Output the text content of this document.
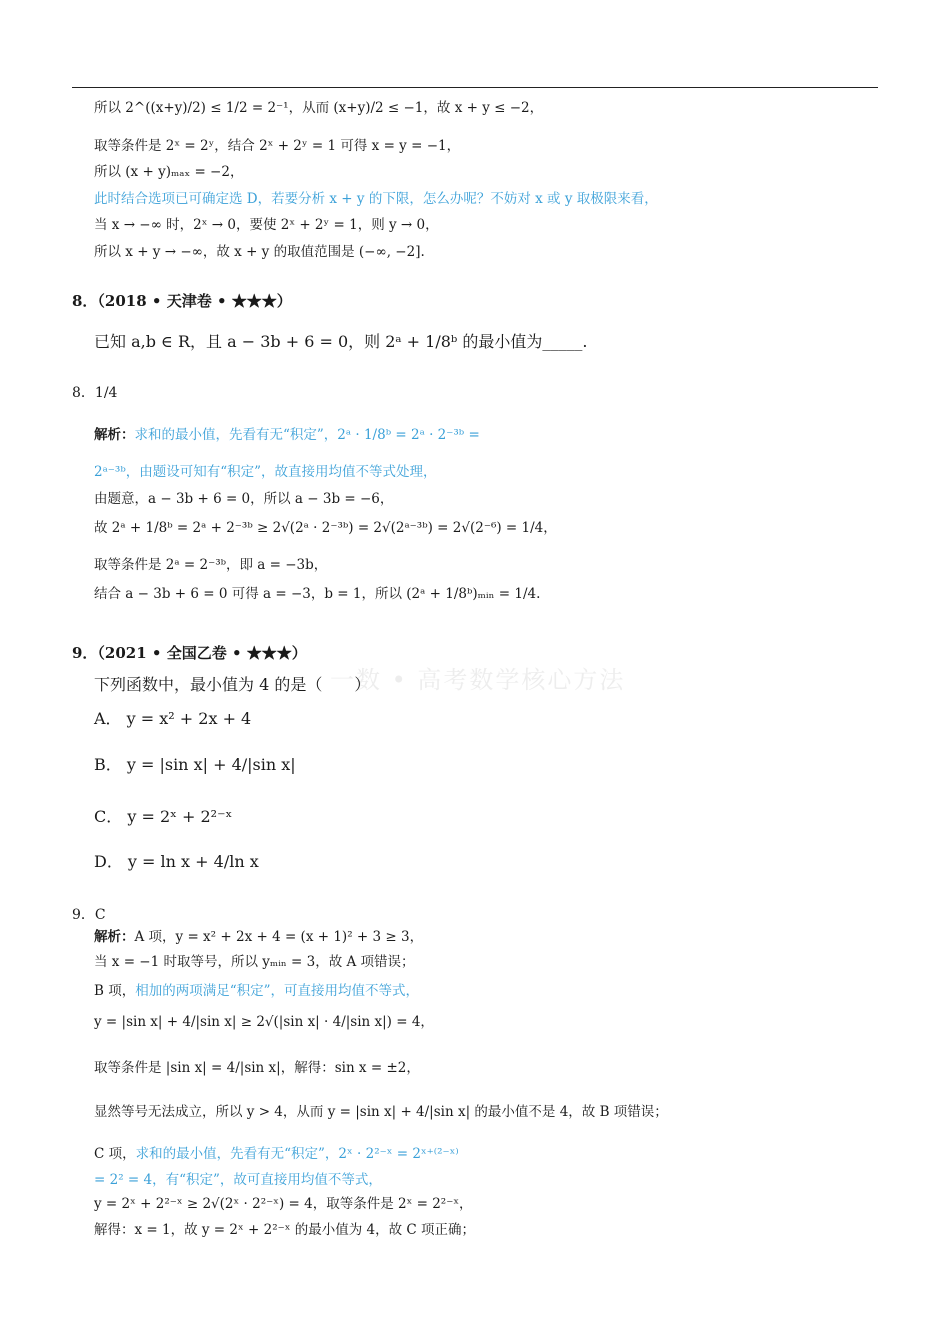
一数 • 高考数学核心方法
所以 2^((x+y)/2) ≤ 1/2 = 2⁻¹，从而 (x+y)/2 ≤ −1，故 x + y ≤ −2，
取等条件是 2ˣ = 2ʸ，结合 2ˣ + 2ʸ = 1 可得 x = y = −1，
所以 (x + y)ₘₐₓ = −2，
此时结合选项已可确定选 D，若要分析 x + y 的下限，怎么办呢？不妨对 x 或 y 取极限来看，
当 x → −∞ 时，2ˣ → 0，要使 2ˣ + 2ʸ = 1，则 y → 0，
所以 x + y → −∞，故 x + y 的取值范围是 (−∞, −2].
8．（2018 • 天津卷 • ★★★）
已知 a,b ∈ R，且 a − 3b + 6 = 0，则 2ᵃ + 1/8ᵇ 的最小值为_____.
8．1/4
解析：求和的最小值，先看有无“积定”，2ᵃ · 1/8ᵇ = 2ᵃ · 2⁻³ᵇ =
2ᵃ⁻³ᵇ，由题设可知有“积定”，故直接用均值不等式处理，
由题意，a − 3b + 6 = 0，所以 a − 3b = −6，
故 2ᵃ + 1/8ᵇ = 2ᵃ + 2⁻³ᵇ ≥ 2√(2ᵃ · 2⁻³ᵇ) = 2√(2ᵃ⁻³ᵇ) = 2√(2⁻⁶) = 1/4，
取等条件是 2ᵃ = 2⁻³ᵇ，即 a = −3b，
结合 a − 3b + 6 = 0 可得 a = −3，b = 1，所以 (2ᵃ + 1/8ᵇ)ₘᵢₙ = 1/4.
9．（2021 • 全国乙卷 • ★★★）
下列函数中，最小值为 4 的是（　　）
A． y = x² + 2x + 4
B． y = |sin x| + 4/|sin x|
C． y = 2ˣ + 2²⁻ˣ
D． y = ln x + 4/ln x
9．C
解析：A 项，y = x² + 2x + 4 = (x + 1)² + 3 ≥ 3，
当 x = −1 时取等号，所以 yₘᵢₙ = 3，故 A 项错误；
B 项，相加的两项满足“积定”，可直接用均值不等式，
y = |sin x| + 4/|sin x| ≥ 2√(|sin x| · 4/|sin x|) = 4，
取等条件是 |sin x| = 4/|sin x|，解得：sin x = ±2，
显然等号无法成立，所以 y > 4，从而 y = |sin x| + 4/|sin x| 的最小值不是 4，故 B 项错误；
C 项，求和的最小值，先看有无“积定”，2ˣ · 2²⁻ˣ = 2ˣ⁺⁽²⁻ˣ⁾
= 2² = 4，有“积定”，故可直接用均值不等式，
y = 2ˣ + 2²⁻ˣ ≥ 2√(2ˣ · 2²⁻ˣ) = 4，取等条件是 2ˣ = 2²⁻ˣ，
解得：x = 1，故 y = 2ˣ + 2²⁻ˣ 的最小值为 4，故 C 项正确；
